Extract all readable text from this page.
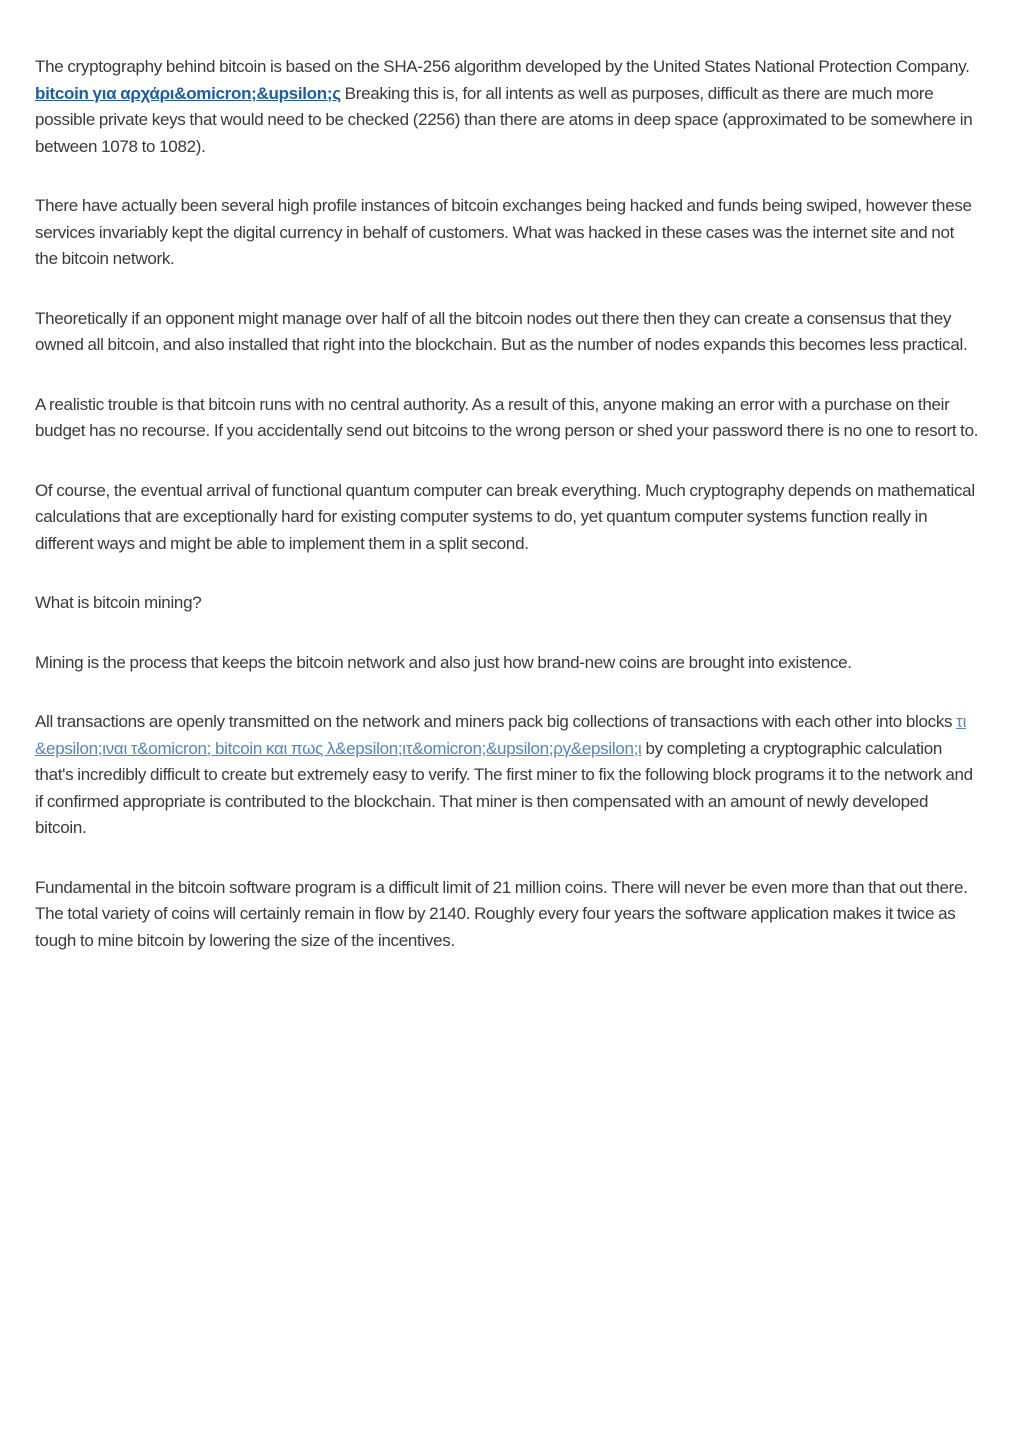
The cryptography behind bitcoin is based on the SHA-256 algorithm developed by the United States National Protection Company. bitcoin για αρχάρι&omicron;&upsilon;ς Breaking this is, for all intents as well as purposes, difficult as there are much more possible private keys that would need to be checked (2256) than there are atoms in deep space (approximated to be somewhere in between 1078 to 1082).

There have actually been several high profile instances of bitcoin exchanges being hacked and funds being swiped, however these services invariably kept the digital currency in behalf of customers. What was hacked in these cases was the internet site and not the bitcoin network.

Theoretically if an opponent might manage over half of all the bitcoin nodes out there then they can create a consensus that they owned all bitcoin, and also installed that right into the blockchain. But as the number of nodes expands this becomes less practical.

A realistic trouble is that bitcoin runs with no central authority. As a result of this, anyone making an error with a purchase on their budget has no recourse. If you accidentally send out bitcoins to the wrong person or shed your password there is no one to resort to.

Of course, the eventual arrival of functional quantum computer can break everything. Much cryptography depends on mathematical calculations that are exceptionally hard for existing computer systems to do, yet quantum computer systems function really in different ways and might be able to implement them in a split second.

What is bitcoin mining?

Mining is the process that keeps the bitcoin network and also just how brand-new coins are brought into existence.

All transactions are openly transmitted on the network and miners pack big collections of transactions with each other into blocks τι &epsilon;ιναι τ&omicron; bitcoin και πως λ&epsilon;ιτ&omicron;&upsilon;ργ&epsilon;ι by completing a cryptographic calculation that's incredibly difficult to create but extremely easy to verify. The first miner to fix the following block programs it to the network and if confirmed appropriate is contributed to the blockchain. That miner is then compensated with an amount of newly developed bitcoin.

Fundamental in the bitcoin software program is a difficult limit of 21 million coins. There will never be even more than that out there. The total variety of coins will certainly remain in flow by 2140. Roughly every four years the software application makes it twice as tough to mine bitcoin by lowering the size of the incentives.
